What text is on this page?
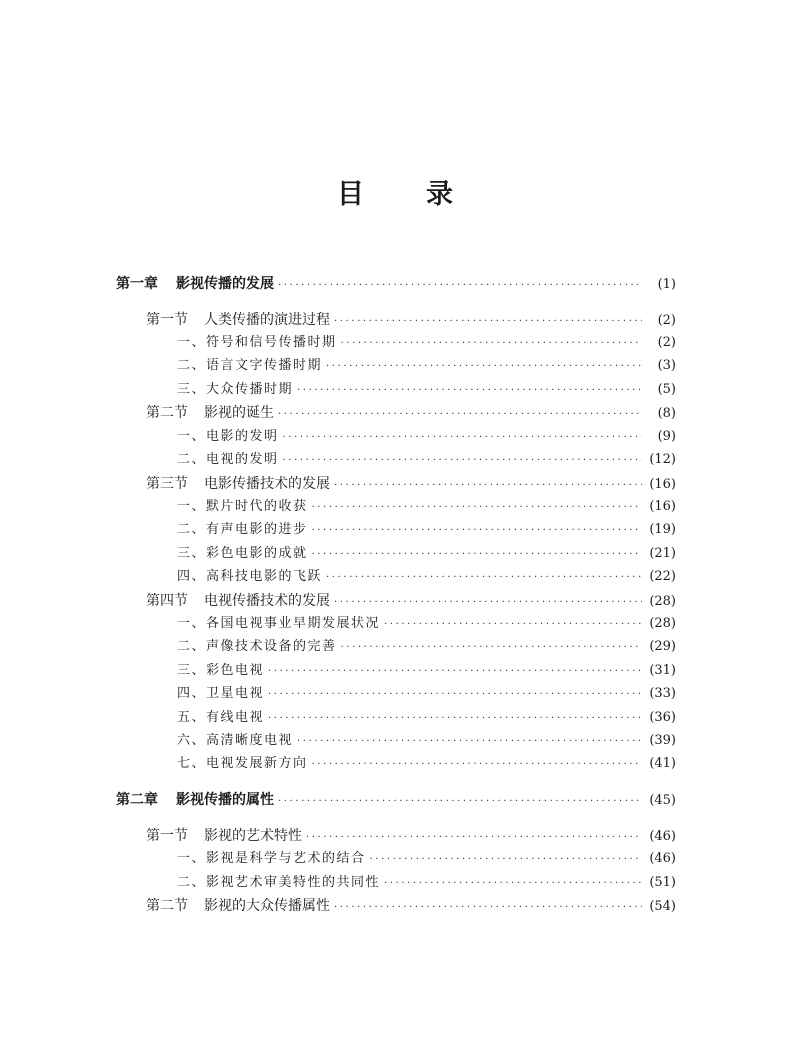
目 录
第一章 影视传播的发展 ·····	(1)
第一节 人类传播的演进过程 ·····	(2)
一、符号和信号传播时期 ·····	(2)
二、语言文字传播时期 ·····	(3)
三、大众传播时期 ·····	(5)
第二节 影视的诞生 ·····	(8)
一、电影的发明 ·····	(9)
二、电视的发明 ·····	(12)
第三节 电影传播技术的发展 ·····	(16)
一、默片时代的收获 ·····	(16)
二、有声电影的进步 ·····	(19)
三、彩色电影的成就 ·····	(21)
四、高科技电影的飞跃 ·····	(22)
第四节 电视传播技术的发展 ·····	(28)
一、各国电视事业早期发展状况 ·····	(28)
二、声像技术设备的完善 ·····	(29)
三、彩色电视 ·····	(31)
四、卫星电视 ·····	(33)
五、有线电视 ·····	(36)
六、高清晰度电视 ·····	(39)
七、电视发展新方向 ·····	(41)
第二章 影视传播的属性 ·····	(45)
第一节 影视的艺术特性 ·····	(46)
一、影视是科学与艺术的结合 ·····	(46)
二、影视艺术审美特性的共同性 ·····	(51)
第二节 影视的大众传播属性 ·····	(54)
